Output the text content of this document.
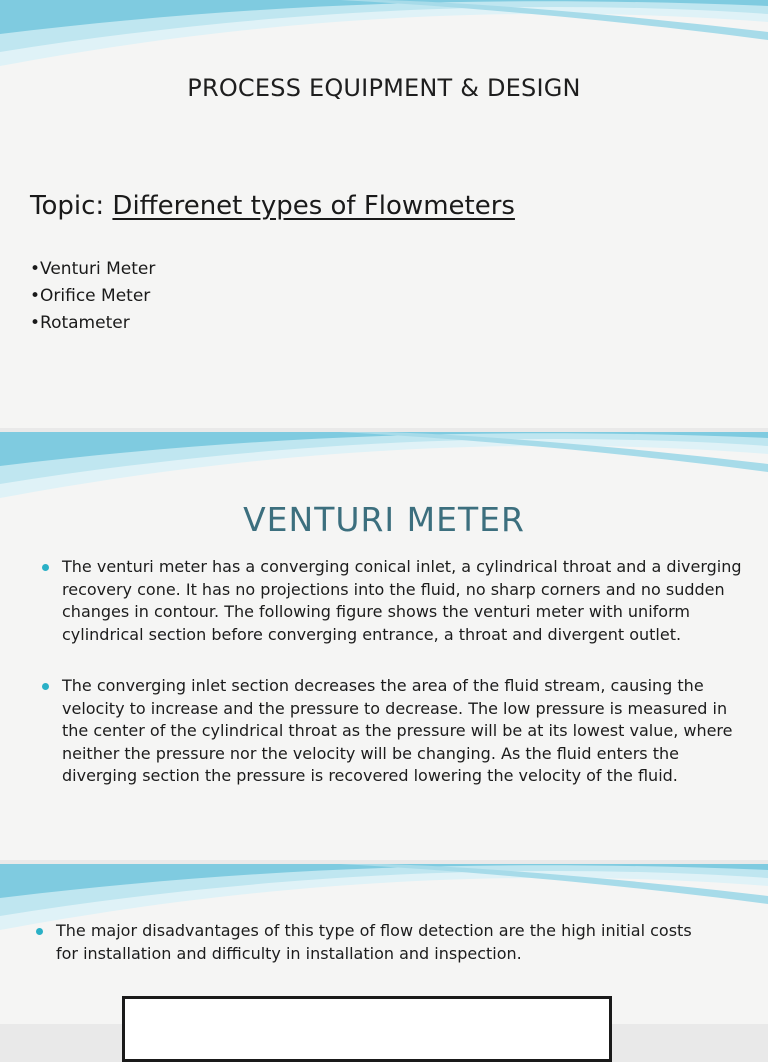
PROCESS EQUIPMENT & DESIGN
Topic: Differenet types of Flowmeters
•Venturi Meter
•Orifice Meter
•Rotameter
VENTURI METER
The venturi meter has a converging conical inlet, a cylindrical throat and a diverging recovery cone. It has no projections into the fluid, no sharp corners and no sudden changes in contour. The following figure shows the venturi meter with uniform cylindrical section before converging entrance, a throat and divergent outlet.
The converging inlet section decreases the area of the fluid stream, causing the velocity to increase and the pressure to decrease. The low pressure is measured in the center of the cylindrical throat as the pressure will be at its lowest value, where neither the pressure nor the velocity will be changing. As the fluid enters the diverging section the pressure is recovered lowering the velocity of the fluid.
The major disadvantages of this type of flow detection are the high initial costs for installation and difficulty in installation and inspection.
